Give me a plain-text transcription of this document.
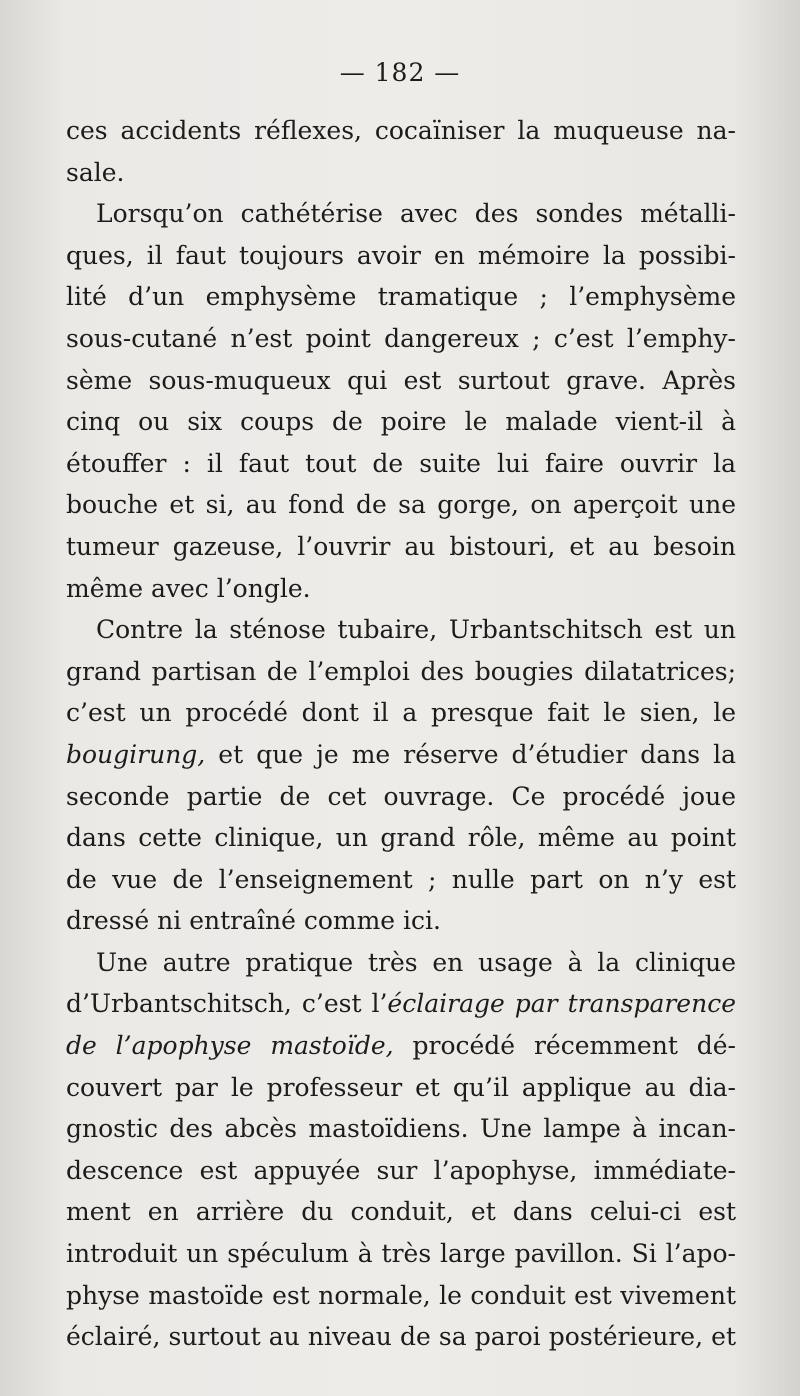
— 182 —

ces accidents réflexes, cocaïniser la muqueuse na-
sale.
Lorsqu’on cathétérise avec des sondes métalli-
ques, il faut toujours avoir en mémoire la possibi-
lité d’un emphysème tramatique ; l’emphysème
sous-cutané n’est point dangereux ; c’est l’emphy-
sème sous-muqueux qui est surtout grave. Après
cinq ou six coups de poire le malade vient-il à
étouffer : il faut tout de suite lui faire ouvrir la
bouche et si, au fond de sa gorge, on aperçoit une
tumeur gazeuse, l’ouvrir au bistouri, et au besoin
même avec l’ongle.
Contre la sténose tubaire, Urbantschitsch est un
grand partisan de l’emploi des bougies dilatatrices;
c’est un procédé dont il a presque fait le sien, le
bougirung, et que je me réserve d’étudier dans la
seconde partie de cet ouvrage. Ce procédé joue
dans cette clinique, un grand rôle, même au point
de vue de l’enseignement ; nulle part on n’y est
dressé ni entraîné comme ici.
Une autre pratique très en usage à la clinique
d’Urbantschitsch, c’est l’éclairage par transparence
de l’apophyse mastoïde, procédé récemment dé-
couvert par le professeur et qu’il applique au dia-
gnostic des abcès mastoïdiens. Une lampe à incan-
descence est appuyée sur l’apophyse, immédiate-
ment en arrière du conduit, et dans celui-ci est
introduit un spéculum à très large pavillon. Si l’apo-
physe mastoïde est normale, le conduit est vivement
éclairé, surtout au niveau de sa paroi postérieure, et
